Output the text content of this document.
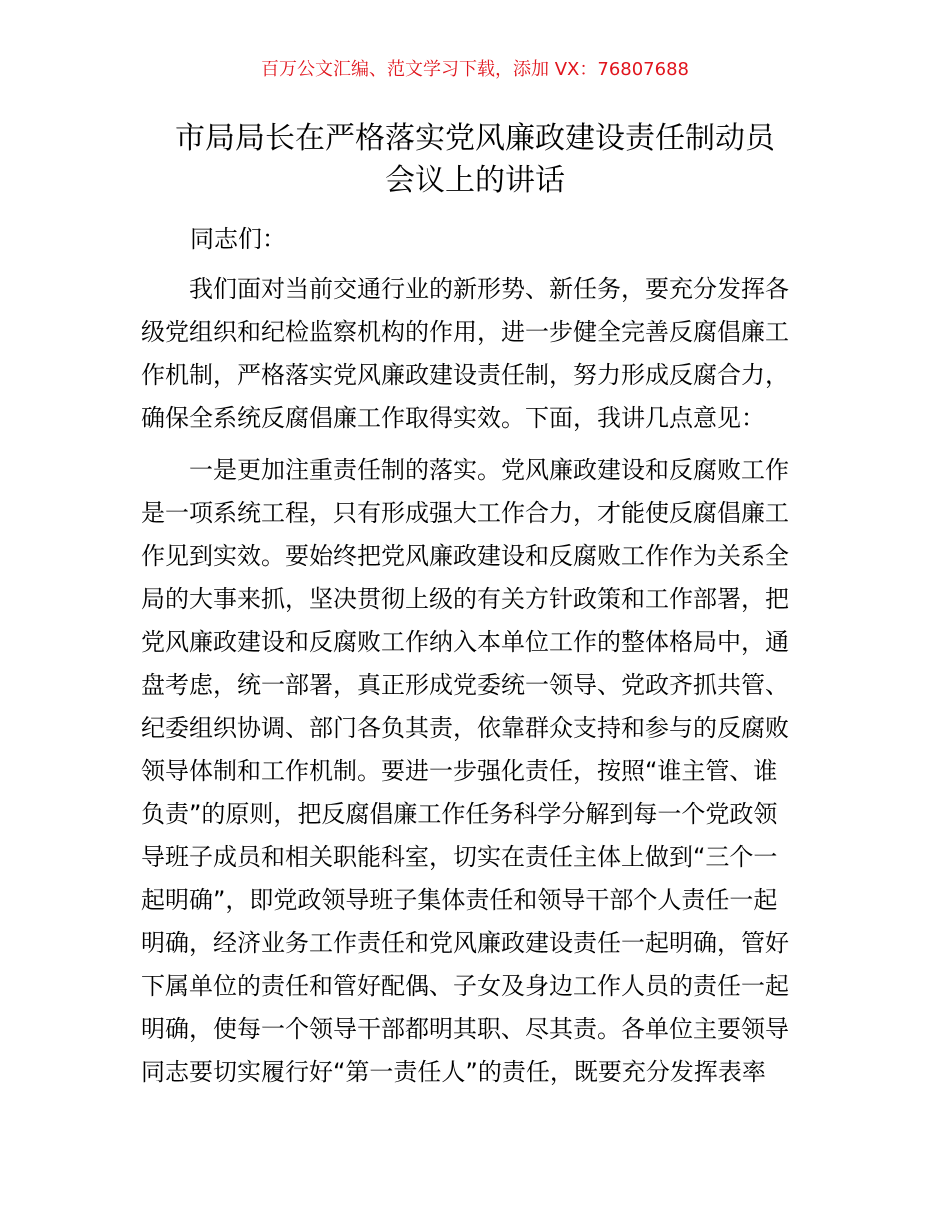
百万公文汇编、范文学习下载，添加 VX：76807688
市局局长在严格落实党风廉政建设责任制动员
会议上的讲话
同志们：
我们面对当前交通行业的新形势、新任务，要充分发挥各
级党组织和纪检监察机构的作用，进一步健全完善反腐倡廉工
作机制，严格落实党风廉政建设责任制，努力形成反腐合力，
确保全系统反腐倡廉工作取得实效。下面，我讲几点意见：
一是更加注重责任制的落实。党风廉政建设和反腐败工作
是一项系统工程，只有形成强大工作合力，才能使反腐倡廉工
作见到实效。要始终把党风廉政建设和反腐败工作作为关系全
局的大事来抓，坚决贯彻上级的有关方针政策和工作部署，把
党风廉政建设和反腐败工作纳入本单位工作的整体格局中，通
盘考虑，统一部署，真正形成党委统一领导、党政齐抓共管、
纪委组织协调、部门各负其责，依靠群众支持和参与的反腐败
领导体制和工作机制。要进一步强化责任，按照“谁主管、谁
负责”的原则，把反腐倡廉工作任务科学分解到每一个党政领
导班子成员和相关职能科室，切实在责任主体上做到“三个一
起明确”，即党政领导班子集体责任和领导干部个人责任一起
明确，经济业务工作责任和党风廉政建设责任一起明确，管好
下属单位的责任和管好配偶、子女及身边工作人员的责任一起
明确，使每一个领导干部都明其职、尽其责。各单位主要领导
同志要切实履行好“第一责任人”的责任，既要充分发挥表率
